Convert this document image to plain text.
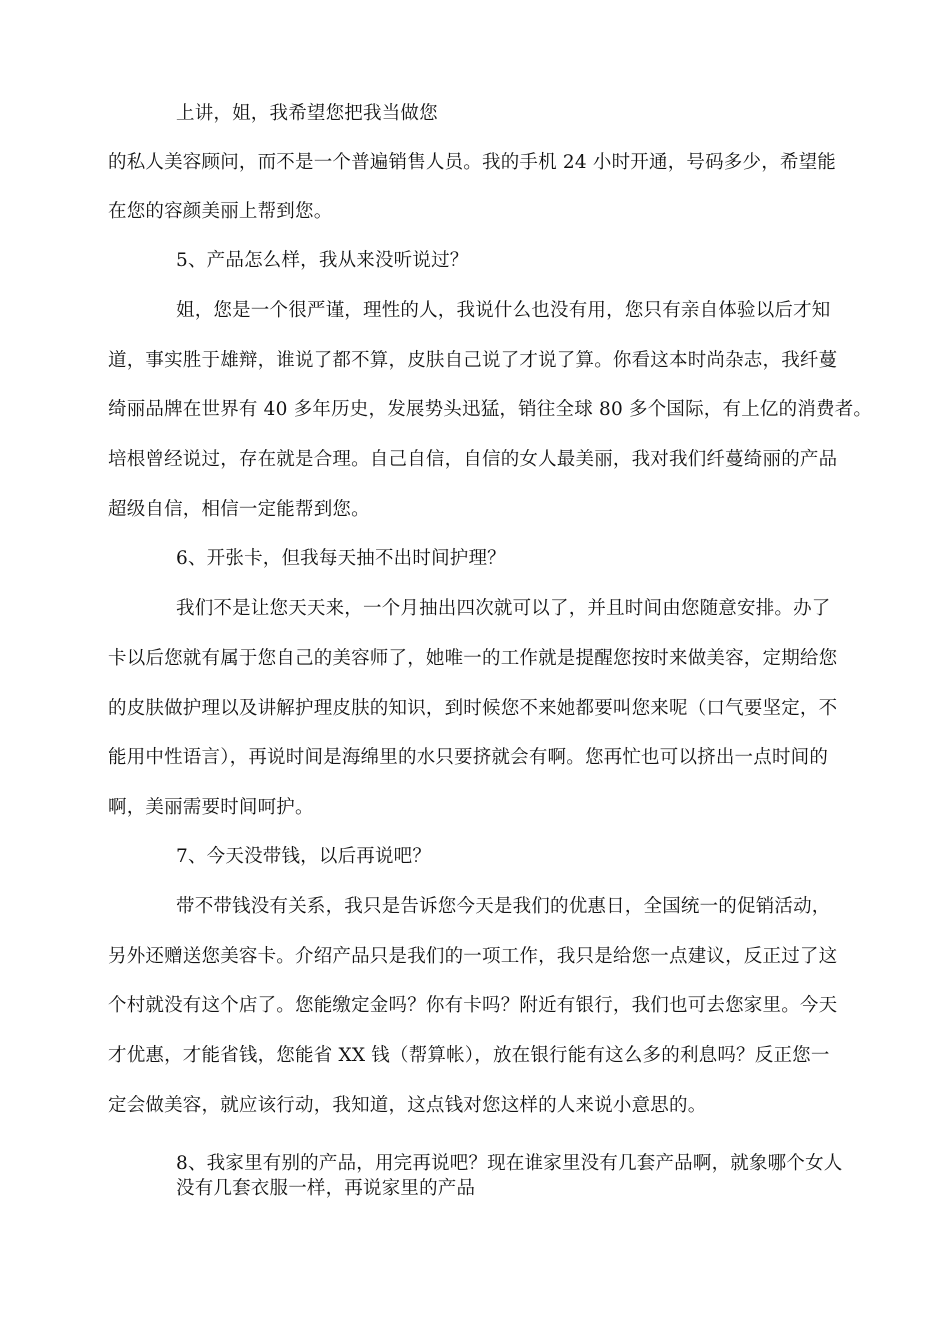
上讲，姐，我希望您把我当做您
的私人美容顾问，而不是一个普遍销售人员。我的手机 24 小时开通，号码多少，希望能
在您的容颜美丽上帮到您。
5、产品怎么样，我从来没听说过？
姐，您是一个很严谨，理性的人，我说什么也没有用，您只有亲自体验以后才知
道，事实胜于雄辩，谁说了都不算，皮肤自己说了才说了算。你看这本时尚杂志，我纤蔓
绮丽品牌在世界有 40 多年历史，发展势头迅猛，销往全球 80 多个国际，有上亿的消费者。
培根曾经说过，存在就是合理。自己自信，自信的女人最美丽，我对我们纤蔓绮丽的产品
超级自信，相信一定能帮到您。
6、开张卡，但我每天抽不出时间护理？
我们不是让您天天来，一个月抽出四次就可以了，并且时间由您随意安排。办了
卡以后您就有属于您自己的美容师了，她唯一的工作就是提醒您按时来做美容，定期给您
的皮肤做护理以及讲解护理皮肤的知识，到时候您不来她都要叫您来呢（口气要坚定，不
能用中性语言），再说时间是海绵里的水只要挤就会有啊。您再忙也可以挤出一点时间的
啊，美丽需要时间呵护。
7、今天没带钱，以后再说吧？
带不带钱没有关系，我只是告诉您今天是我们的优惠日，全国统一的促销活动，
另外还赠送您美容卡。介绍产品只是我们的一项工作，我只是给您一点建议，反正过了这
个村就没有这个店了。您能缴定金吗？你有卡吗？附近有银行，我们也可去您家里。今天
才优惠，才能省钱，您能省 XX 钱（帮算帐），放在银行能有这么多的利息吗？反正您一
定会做美容，就应该行动，我知道，这点钱对您这样的人来说小意思的。
8、我家里有别的产品，用完再说吧？现在谁家里没有几套产品啊，就象哪个女人
没有几套衣服一样，再说家里的产品
